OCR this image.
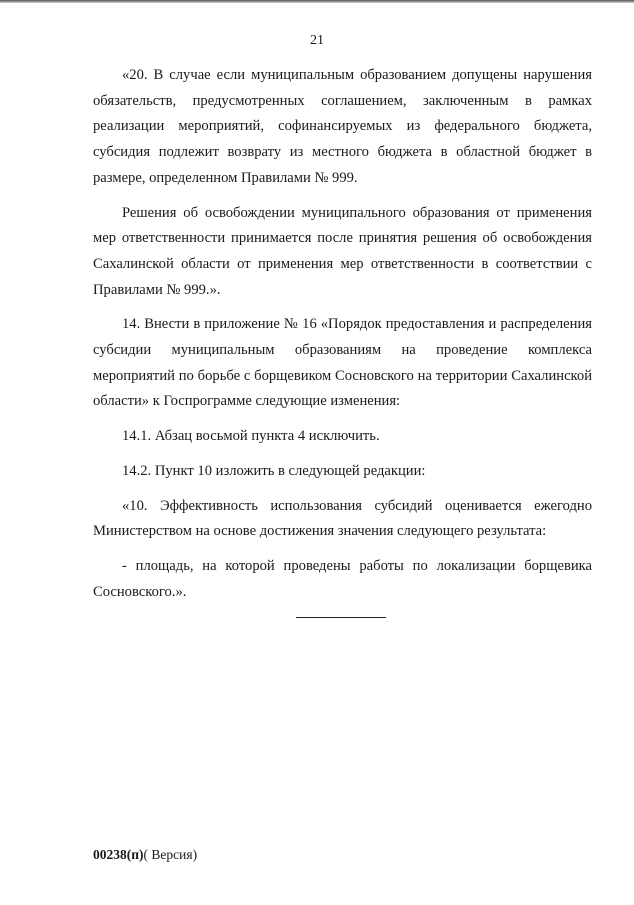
21

«20. В случае если муниципальным образованием допущены нарушения обязательств, предусмотренных соглашением, заключенным в рамках реализации мероприятий, софинансируемых из федерального бюджета, субсидия подлежит возврату из местного бюджета в областной бюджет в размере, определенном Правилами № 999.

Решения об освобождении муниципального образования от применения мер ответственности принимается после принятия решения об освобождения Сахалинской области от применения мер ответственности в соответствии с Правилами № 999.».

14. Внести в приложение № 16 «Порядок предоставления и распределения субсидии муниципальным образованиям на проведение комплекса мероприятий по борьбе с борщевиком Сосновского на территории Сахалинской области» к Госпрограмме следующие изменения:

14.1. Абзац восьмой пункта 4 исключить.

14.2. Пункт 10 изложить в следующей редакции:

«10. Эффективность использования субсидий оценивается ежегодно Министерством на основе достижения значения следующего результата:

- площадь, на которой проведены работы по локализации борщевика Сосновского.».

00238(п)( Версия)
